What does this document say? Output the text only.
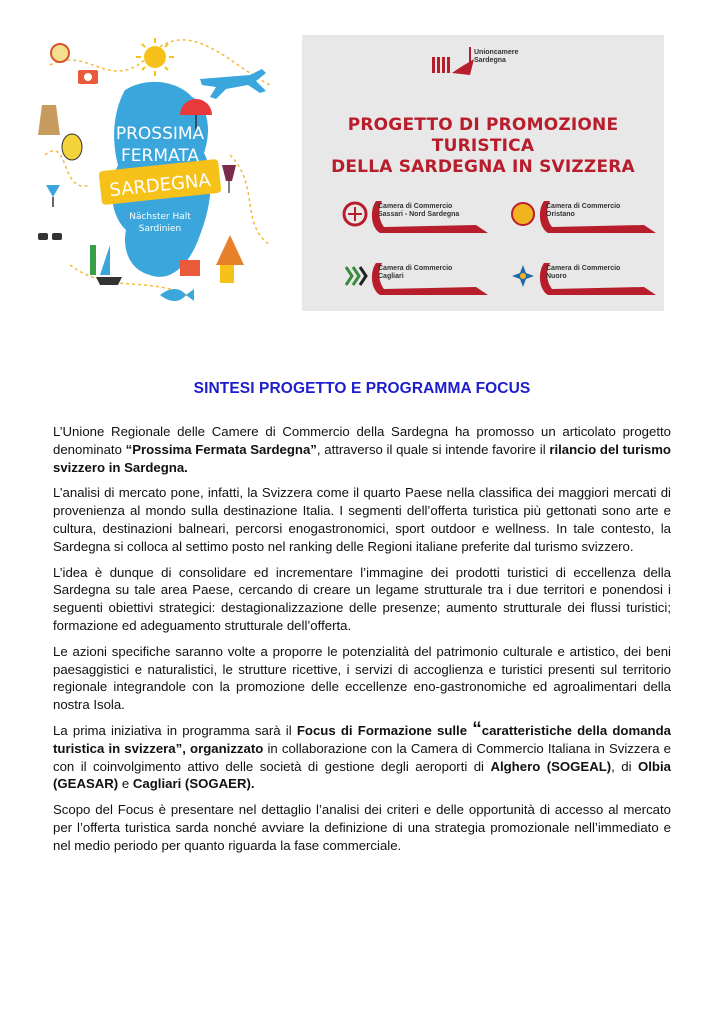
PROSSIMA
FERMATA
SARDEGNA
Nächster Halt
Sardinien
Unioncamere
Sardegna
PROGETTO DI PROMOZIONE TURISTICA
DELLA SARDEGNA IN SVIZZERA
Camera di Commercio
Sassari - Nord Sardegna
Camera di Commercio
Oristano
Camera di Commercio
Cagliari
Camera di Commercio
Nuoro
SINTESI PROGETTO E PROGRAMMA FOCUS

L’Unione Regionale delle Camere di Commercio della Sardegna ha promosso un articolato progetto denominato “Prossima Fermata Sardegna”, attraverso il quale si intende favorire il rilancio del turismo svizzero in Sardegna.

L’analisi di mercato pone, infatti, la Svizzera come il quarto Paese nella classifica dei maggiori mercati di provenienza al mondo sulla destinazione Italia. I segmenti dell’offerta turistica più gettonati sono arte e cultura, destinazioni balneari, percorsi enogastronomici, sport outdoor e wellness. In tale contesto, la Sardegna si colloca al settimo posto nel ranking delle Regioni italiane preferite dal turismo svizzero.

L’idea è dunque di consolidare ed incrementare l’immagine dei prodotti turistici di eccellenza della Sardegna su tale area Paese, cercando di creare un legame strutturale tra i due territori e ponendosi i seguenti obiettivi strategici: destagionalizzazione delle presenze; aumento strutturale dei flussi turistici; formazione ed adeguamento strutturale dell’offerta.

Le azioni specifiche saranno volte a proporre le potenzialità del patrimonio culturale e artistico, dei beni paesaggistici e naturalistici, le strutture ricettive, i servizi di accoglienza e turistici presenti sul territorio regionale integrandole con la promozione delle eccellenze eno-gastronomiche ed agroalimentari della nostra Isola.

La prima iniziativa in programma sarà il Focus di Formazione sulle “caratteristiche della domanda turistica in svizzera”, organizzato in collaborazione con la Camera di Commercio Italiana in Svizzera e con il coinvolgimento attivo delle società di gestione degli aeroporti di Alghero (SOGEAL), di Olbia (GEASAR) e Cagliari (SOGAER).

Scopo del Focus è presentare nel dettaglio l’analisi dei criteri e delle opportunità di accesso al mercato per l’offerta turistica sarda nonché avviare la definizione di una strategia promozionale nell’immediato e nel medio periodo per quanto riguarda la fase commerciale.
